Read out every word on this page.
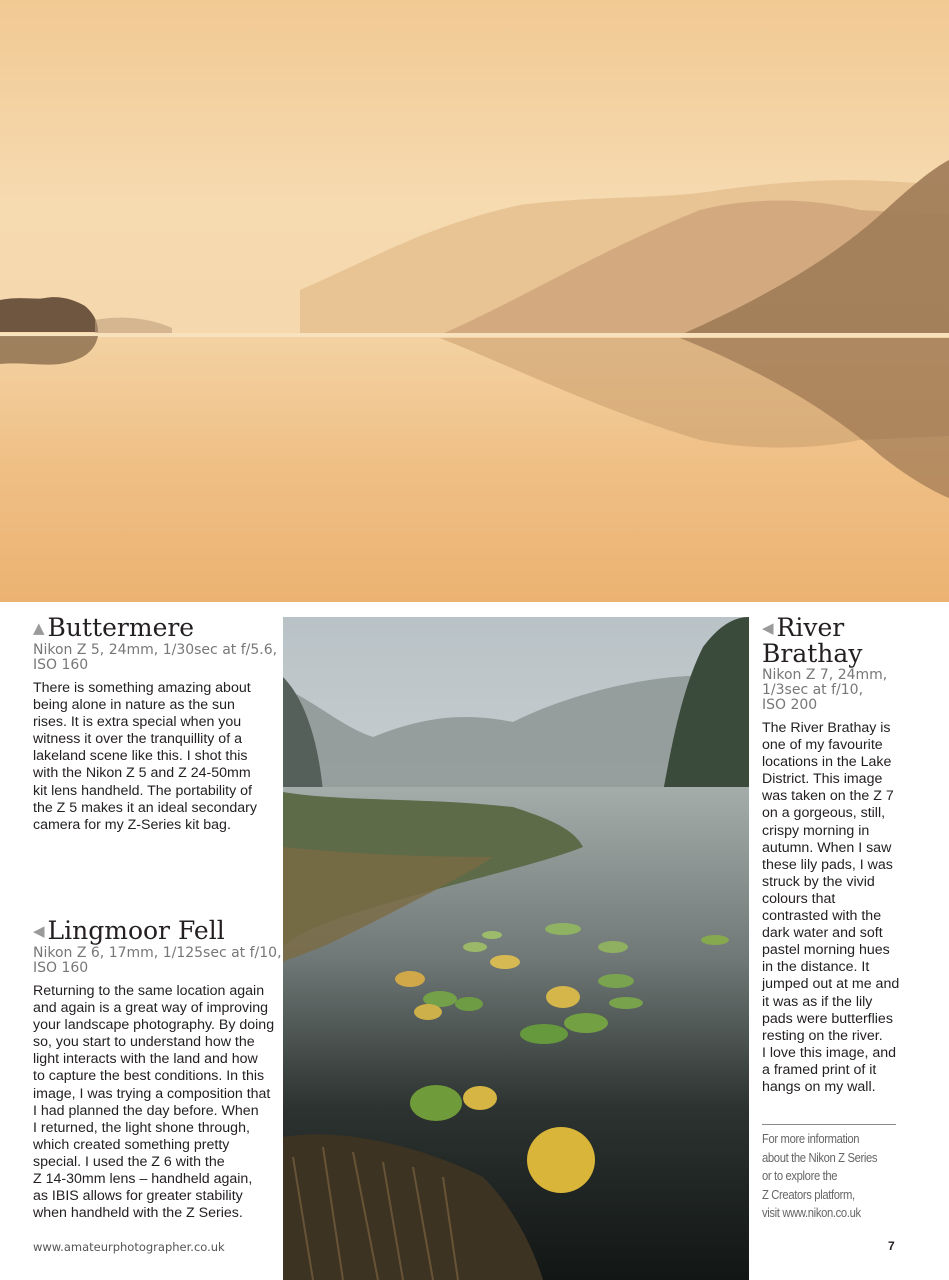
▲ Buttermere

Nikon Z 5, 24mm, 1/30sec at f/5.6,
ISO 160

There is something amazing about
being alone in nature as the sun
rises. It is extra special when you
witness it over the tranquillity of a
lakeland scene like this. I shot this
with the Nikon Z 5 and Z 24-50mm
kit lens handheld. The portability of
the Z 5 makes it an ideal secondary
camera for my Z-Series kit bag.

◀ Lingmoor Fell

Nikon Z 6, 17mm, 1/125sec at f/10,
ISO 160

Returning to the same location again
and again is a great way of improving
your landscape photography. By doing
so, you start to understand how the
light interacts with the land and how
to capture the best conditions. In this
image, I was trying a composition that
I had planned the day before. When
I returned, the light shone through,
which created something pretty
special. I used the Z 6 with the
Z 14-30mm lens – handheld again,
as IBIS allows for greater stability
when handheld with the Z Series.

◀ River
Brathay

Nikon Z 7, 24mm,
1/3sec at f/10,
ISO 200

The River Brathay is
one of my favourite
locations in the Lake
District. This image
was taken on the Z 7
on a gorgeous, still,
crispy morning in
autumn. When I saw
these lily pads, I was
struck by the vivid
colours that
contrasted with the
dark water and soft
pastel morning hues
in the distance. It
jumped out at me and
it was as if the lily
pads were butterflies
resting on the river.
I love this image, and
a framed print of it
hangs on my wall.

For more information
about the Nikon Z Series
or to explore the
Z Creators platform,
visit www.nikon.co.uk

www.amateurphotographer.co.uk	7
